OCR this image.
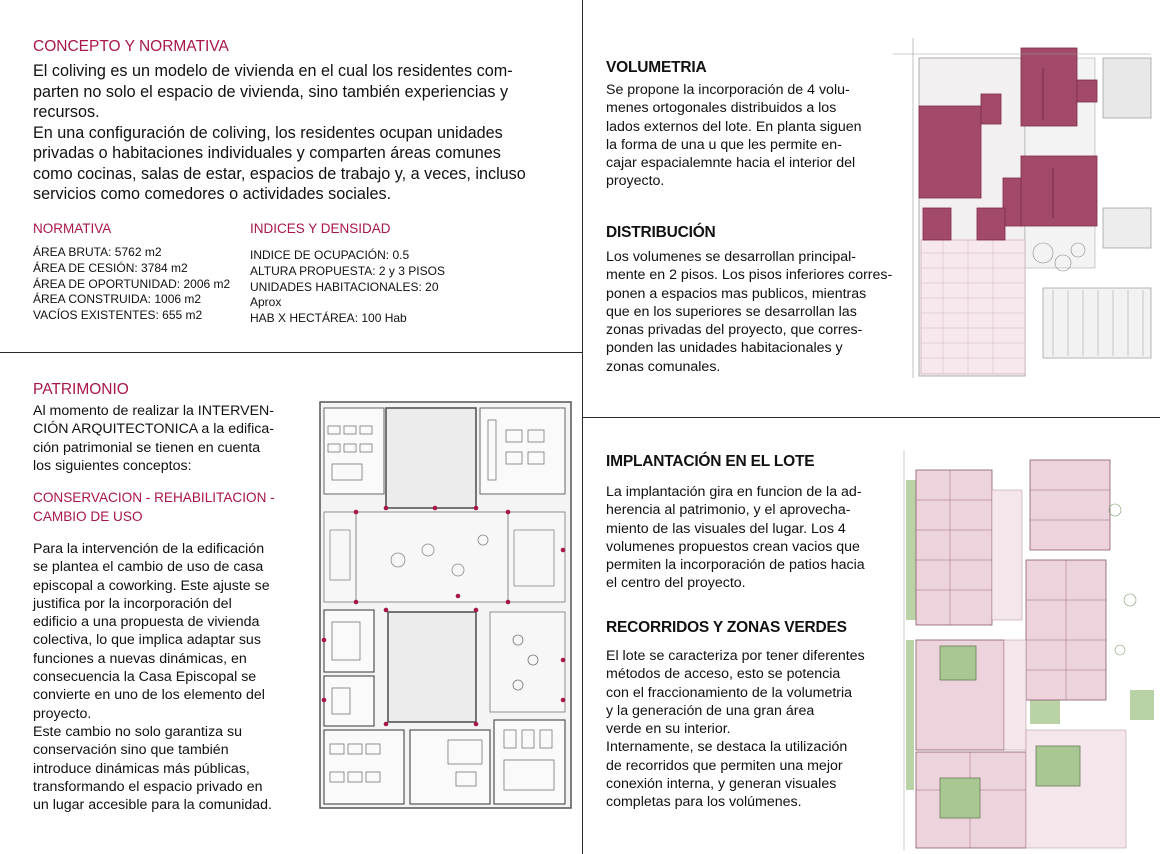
CONCEPTO Y NORMATIVA
El coliving es un modelo de vivienda en el cual los residentes com-
parten no solo el espacio de vivienda, sino también experiencias y
recursos.
En una configuración de coliving, los residentes ocupan unidades
privadas o habitaciones individuales y comparten áreas comunes
como cocinas, salas de estar, espacios de trabajo y, a veces, incluso
servicios como comedores o actividades sociales.
NORMATIVA
ÁREA BRUTA: 5762 m2
ÁREA DE CESIÓN: 3784 m2
ÁREA DE OPORTUNIDAD: 2006 m2
ÁREA CONSTRUIDA: 1006 m2
VACÍOS EXISTENTES: 655 m2
INDICES Y DENSIDAD
INDICE DE OCUPACIÓN: 0.5
ALTURA PROPUESTA: 2 y 3 PISOS
UNIDADES HABITACIONALES: 20
Aprox
HAB X HECTÁREA: 100 Hab
PATRIMONIO
Al momento de realizar la INTERVEN-
CIÓN ARQUITECTONICA a la edifica-
ción patrimonial se tienen en cuenta
los siguientes conceptos:
CONSERVACION - REHABILITACION -
CAMBIO DE USO
Para la intervención de la edificación
se plantea el cambio de uso de casa
episcopal a coworking. Este ajuste se
justifica por la incorporación del
edificio a una propuesta de vivienda
colectiva, lo que implica adaptar sus
funciones a nuevas dinámicas, en
consecuencia la Casa Episcopal se
convierte en uno de los elemento del
proyecto.
Este cambio no solo garantiza su
conservación sino que también
introduce dinámicas más públicas,
transformando el espacio privado en
un lugar accesible para la comunidad.
VOLUMETRIA
Se propone la incorporación de 4 volu-
menes ortogonales distribuidos a los
lados externos del lote. En planta siguen
la forma de una u que les permite en-
cajar espacialemnte hacia el interior del
proyecto.
DISTRIBUCIÓN
Los volumenes se desarrollan principal-
mente en 2 pisos. Los pisos inferiores corres-
ponen a espacios mas publicos, mientras
que en los superiores se desarrollan las
zonas privadas del proyecto, que corres-
ponden las unidades habitacionales y
zonas comunales.
IMPLANTACIÓN EN EL LOTE
La implantación gira en funcion de la ad-
herencia al patrimonio, y el aprovecha-
miento de las visuales del lugar. Los 4
volumenes propuestos crean vacios que
permiten la incorporación de patios hacia
el centro del proyecto.
RECORRIDOS Y ZONAS VERDES
El lote se caracteriza por tener diferentes
métodos de acceso, esto se potencia
con el fraccionamiento de la volumetria
y la generación de una gran área
verde en su interior.
Internamente, se destaca la utilización
de recorridos que permiten una mejor
conexión interna, y generan visuales
completas para los volúmenes.
